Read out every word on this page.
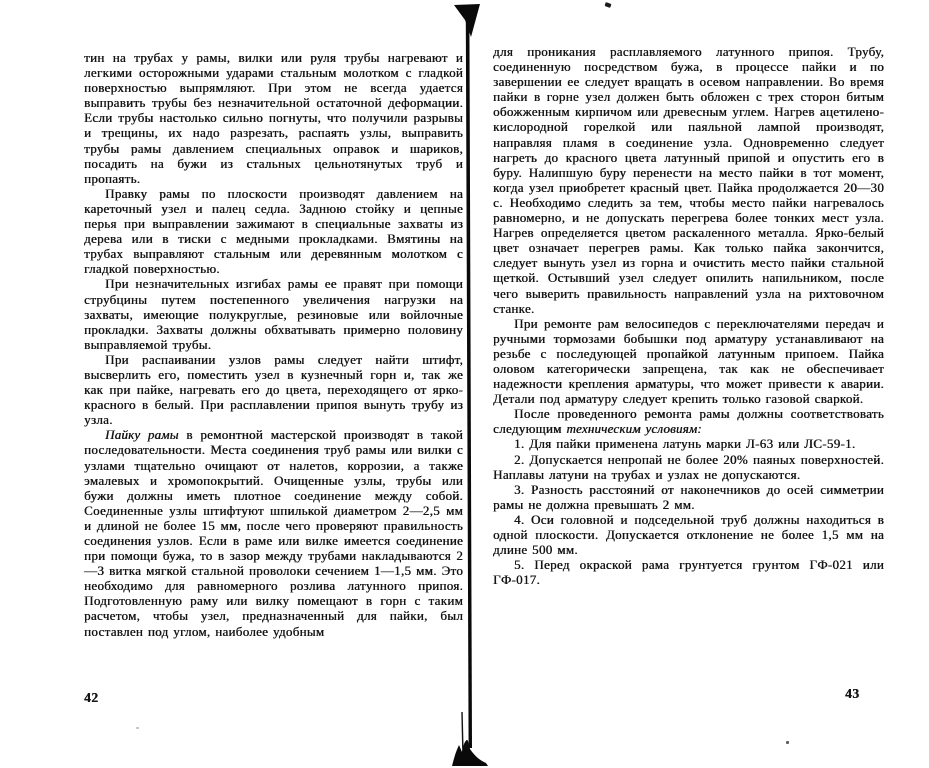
тин на трубах у рамы, вилки или руля трубы нагревают и легкими осторожными ударами стальным молотком с гладкой поверхностью выпрямляют. При этом не всегда удается выправить трубы без незначительной остаточной деформации. Если трубы настолько сильно погнуты, что получили разрывы и трещины, их надо разрезать, распаять узлы, выправить трубы рамы давлением специальных оправок и шариков, посадить на бужи из стальных цельнотянутых труб и пропаять.

Правку рамы по плоскости производят давлением на кареточный узел и палец седла. Заднюю стойку и цепные перья при выправлении зажимают в специальные захваты из дерева или в тиски с медными прокладками. Вмятины на трубах выправляют стальным или деревянным молотком с гладкой поверхностью.

При незначительных изгибах рамы ее правят при помощи струбцины путем постепенного увеличения нагрузки на захваты, имеющие полукруглые, резиновые или войлочные прокладки. Захваты должны обхватывать примерно половину выправляемой трубы.

При распаивании узлов рамы следует найти штифт, высверлить его, поместить узел в кузнечный горн и, так же как при пайке, нагревать его до цвета, переходящего от ярко-красного в белый. При расплавлении припоя вынуть трубу из узла.

Пайку рамы в ремонтной мастерской производят в такой последовательности. Места соединения труб рамы или вилки с узлами тщательно очищают от налетов, коррозии, а также эмалевых и хромопокрытий. Очищенные узлы, трубы или бужи должны иметь плотное соединение между собой. Соединенные узлы штифтуют шпилькой диаметром 2—2,5 мм и длиной не более 15 мм, после чего проверяют правильность соединения узлов. Если в раме или вилке имеется соединение при помощи бужа, то в зазор между трубами накладываются 2—3 витка мягкой стальной проволоки сечением 1—1,5 мм. Это необходимо для равномерного розлива латунного припоя. Подготовленную раму или вилку помещают в горн с таким расчетом, чтобы узел, предназначенный для пайки, был поставлен под углом, наиболее удобным

для проникания расплавляемого латунного припоя. Трубу, соединенную посредством бужа, в процессе пайки и по завершении ее следует вращать в осевом направлении. Во время пайки в горне узел должен быть обложен с трех сторон битым обожженным кирпичом или древесным углем. Нагрев ацетилено-кислородной горелкой или паяльной лампой производят, направляя пламя в соединение узла. Одновременно следует нагреть до красного цвета латунный припой и опустить его в буру. Налипшую буру перенести на место пайки в тот момент, когда узел приобретет красный цвет. Пайка продолжается 20—30 с. Необходимо следить за тем, чтобы место пайки нагревалось равномерно, и не допускать перегрева более тонких мест узла. Нагрев определяется цветом раскаленного металла. Ярко-белый цвет означает перегрев рамы. Как только пайка закончится, следует вынуть узел из горна и очистить место пайки стальной щеткой. Остывший узел следует опилить напильником, после чего выверить правильность направлений узла на рихтовочном станке.

При ремонте рам велосипедов с переключателями передач и ручными тормозами бобышки под арматуру устанавливают на резьбе с последующей пропайкой латунным припоем. Пайка оловом категорически запрещена, так как не обеспечивает надежности крепления арматуры, что может привести к аварии. Детали под арматуру следует крепить только газовой сваркой.

После проведенного ремонта рамы должны соответствовать следующим техническим условиям:

1. Для пайки применена латунь марки Л-63 или ЛС-59-1.

2. Допускается непропай не более 20% паяных поверхностей. Наплавы латуни на трубах и узлах не допускаются.

3. Разность расстояний от наконечников до осей симметрии рамы не должна превышать 2 мм.

4. Оси головной и подседельной труб должны находиться в одной плоскости. Допускается отклонение не более 1,5 мм на длине 500 мм.

5. Перед окраской рама грунтуется грунтом ГФ-021 или ГФ-017.

42	43
